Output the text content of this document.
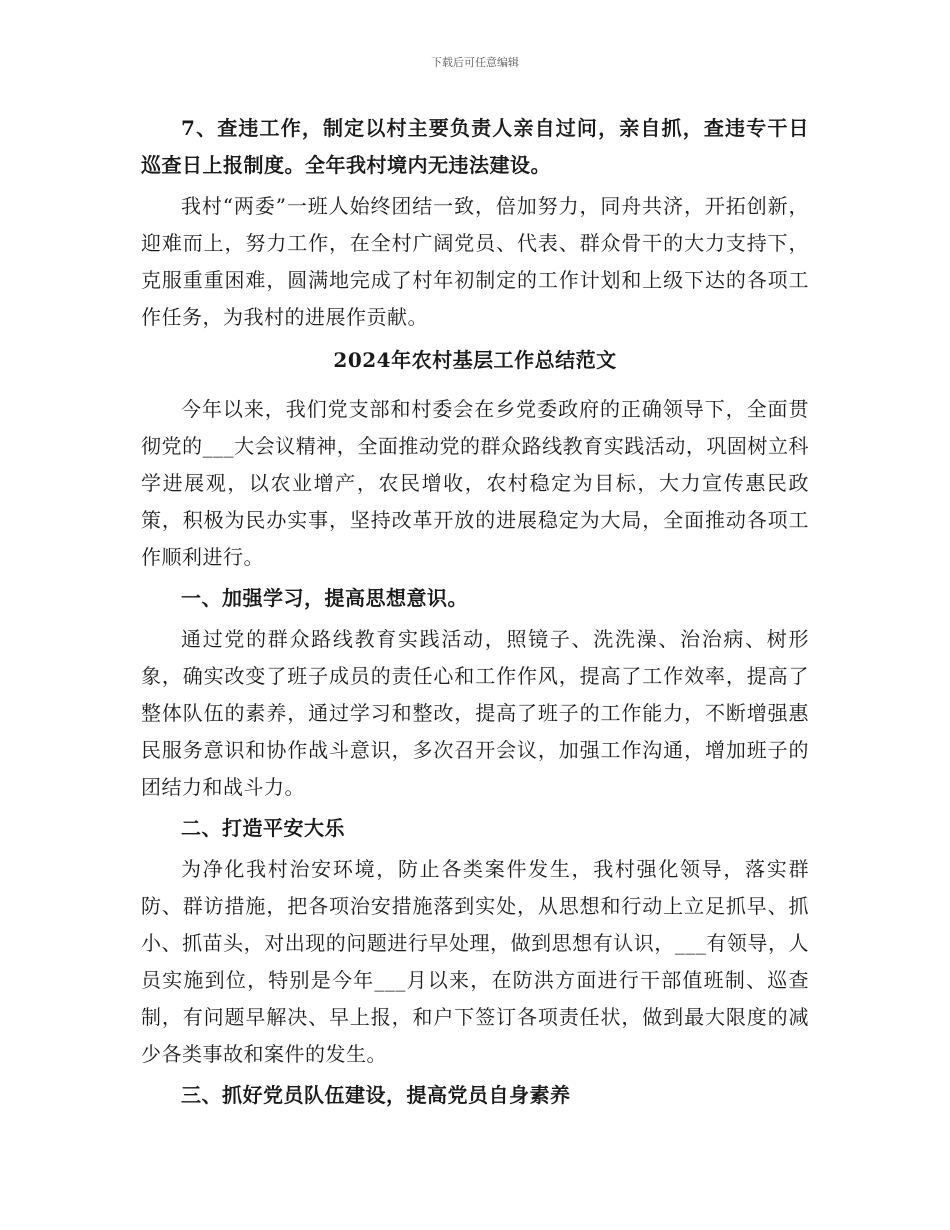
下载后可任意编辑

7、查违工作，制定以村主要负责人亲自过问，亲自抓，查违专干日巡查日上报制度。全年我村境内无违法建设。

我村“两委”一班人始终团结一致，倍加努力，同舟共济，开拓创新，迎难而上，努力工作，在全村广阔党员、代表、群众骨干的大力支持下，克服重重困难，圆满地完成了村年初制定的工作计划和上级下达的各项工作任务，为我村的进展作贡献。

2024年农村基层工作总结范文

今年以来，我们党支部和村委会在乡党委政府的正确领导下，全面贯彻党的___大会议精神，全面推动党的群众路线教育实践活动，巩固树立科学进展观，以农业增产，农民增收，农村稳定为目标，大力宣传惠民政策，积极为民办实事，坚持改革开放的进展稳定为大局，全面推动各项工作顺利进行。

一、加强学习，提高思想意识。

通过党的群众路线教育实践活动，照镜子、洗洗澡、治治病、树形象，确实改变了班子成员的责任心和工作作风，提高了工作效率，提高了整体队伍的素养，通过学习和整改，提高了班子的工作能力，不断增强惠民服务意识和协作战斗意识，多次召开会议，加强工作沟通，增加班子的团结力和战斗力。

二、打造平安大乐

为净化我村治安环境，防止各类案件发生，我村强化领导，落实群防、群访措施，把各项治安措施落到实处，从思想和行动上立足抓早、抓小、抓苗头，对出现的问题进行早处理，做到思想有认识，___有领导，人员实施到位，特别是今年___月以来，在防洪方面进行干部值班制、巡查制，有问题早解决、早上报，和户下签订各项责任状，做到最大限度的减少各类事故和案件的发生。

三、抓好党员队伍建设，提高党员自身素养
